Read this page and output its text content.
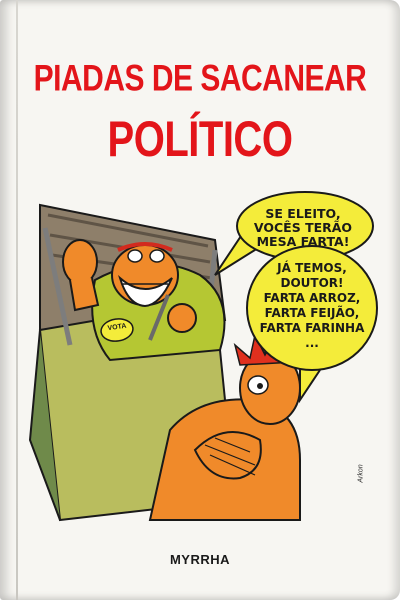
PIADAS DE SACANEAR
POLÍTICO
SE ELEITO, VOCÊS TERÃO MESA FARTA!
JÁ TEMOS,
DOUTOR!
FARTA ARROZ,
FARTA FEIJÃO,
FARTA FARINHA
...
VOTA
Arkon
MYRRHA
